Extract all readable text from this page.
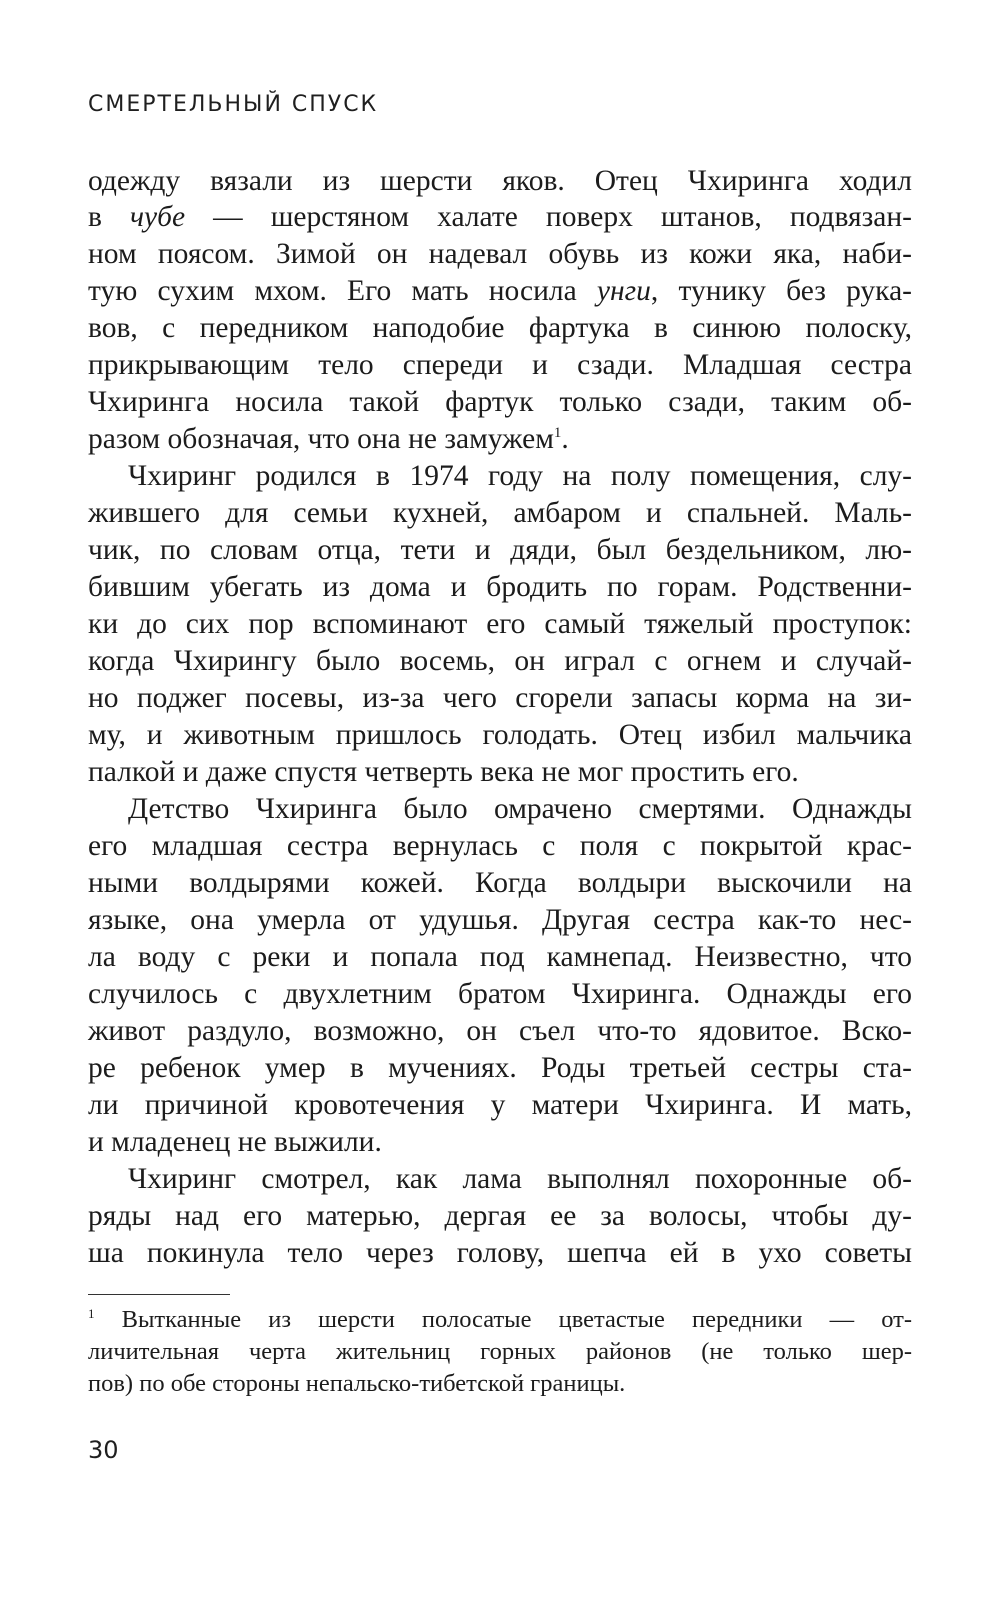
СМЕРТЕЛЬНЫЙ СПУСК
одежду вязали из шерсти яков. Отец Чхиринга ходил
в чубе — шерстяном халате поверх штанов, подвязан-
ном поясом. Зимой он надевал обувь из кожи яка, наби-
тую сухим мхом. Его мать носила унги, тунику без рука-
вов, с передником наподобие фартука в синюю полоску,
прикрывающим тело спереди и сзади. Младшая сестра
Чхиринга носила такой фартук только сзади, таким об-
разом обозначая, что она не замужем$^1$.
Чхиринг родился в 1974 году на полу помещения, слу-
жившего для семьи кухней, амбаром и спальней. Маль-
чик, по словам отца, тети и дяди, был бездельником, лю-
бившим убегать из дома и бродить по горам. Родственни-
ки до сих пор вспоминают его самый тяжелый проступок:
когда Чхирингу было восемь, он играл с огнем и случай-
но поджег посевы, из-за чего сгорели запасы корма на зи-
му, и животным пришлось голодать. Отец избил мальчика
палкой и даже спустя четверть века не мог простить его.
Детство Чхиринга было омрачено смертями. Однажды
его младшая сестра вернулась с поля с покрытой крас-
ными волдырями кожей. Когда волдыри выскочили на
языке, она умерла от удушья. Другая сестра как-то нес-
ла воду с реки и попала под камнепад. Неизвестно, что
случилось с двухлетним братом Чхиринга. Однажды его
живот раздуло, возможно, он съел что-то ядовитое. Вско-
ре ребенок умер в мучениях. Роды третьей сестры ста-
ли причиной кровотечения у матери Чхиринга. И мать,
и младенец не выжили.
Чхиринг смотрел, как лама выполнял похоронные об-
ряды над его матерью, дергая ее за волосы, чтобы ду-
ша покинула тело через голову, шепча ей в ухо советы
$^1$ Вытканные из шерсти полосатые цветастые передники — от-
личительная черта жительниц горных районов (не только шер-
пов) по обе стороны непальско-тибетской границы.
30
